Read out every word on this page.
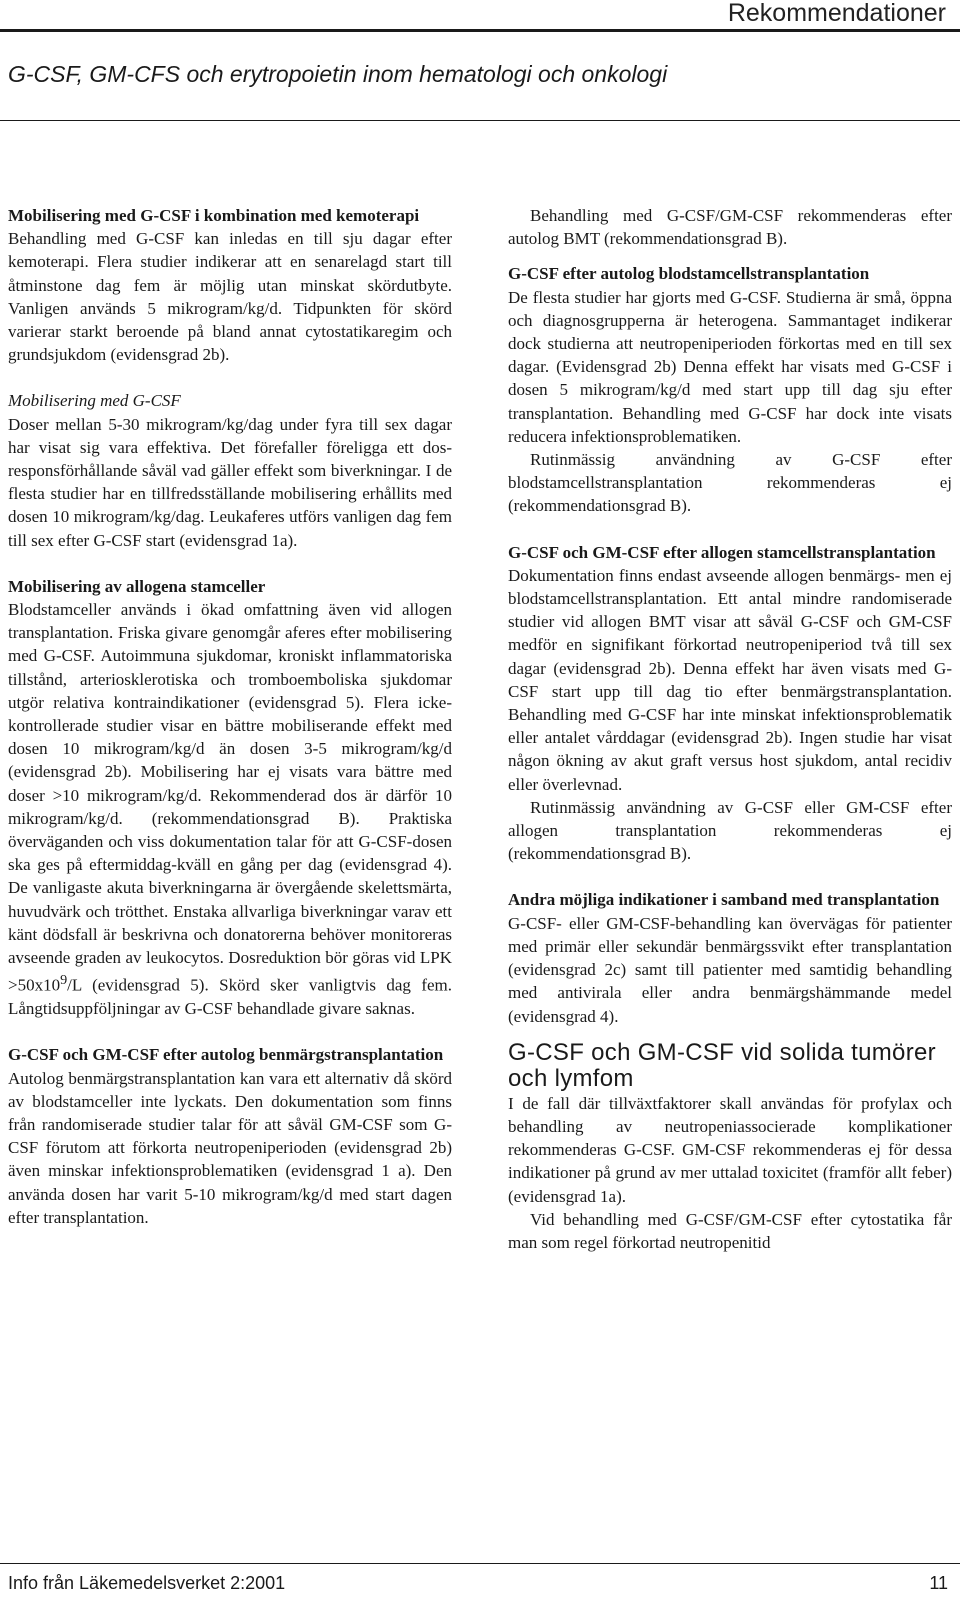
Rekommendationer
G-CSF, GM-CFS och erytropoietin inom hematologi och onkologi
Mobilisering med G-CSF i kombination med kemoterapi

Behandling med G-CSF kan inledas en till sju dagar efter kemoterapi. Flera studier indikerar att en senarelagd start till åtminstone dag fem är möjlig utan minskat skördutbyte. Vanligen används 5 mikrogram/kg/d. Tidpunkten för skörd varierar starkt beroende på bland annat cytostatikaregim och grundsjukdom (evidensgrad 2b).

Mobilisering med G-CSF

Doser mellan 5-30 mikrogram/kg/dag under fyra till sex dagar har visat sig vara effektiva. Det förefaller föreligga ett dos-responsförhållande såväl vad gäller effekt som biverkningar. I de flesta studier har en tillfredsställande mobilisering erhållits med dosen 10 mikrogram/kg/dag. Leukaferes utförs vanligen dag fem till sex efter G-CSF start (evidensgrad 1a).

Mobilisering av allogena stamceller

Blodstamceller används i ökad omfattning även vid allogen transplantation. Friska givare genomgår aferes efter mobilisering med G-CSF. Autoimmuna sjukdomar, kroniskt inflammatoriska tillstånd, arteriosklerotiska och tromboemboliska sjukdomar utgör relativa kontraindikationer (evidensgrad 5). Flera icke-kontrollerade studier visar en bättre mobiliserande effekt med dosen 10 mikrogram/kg/d än dosen 3-5 mikrogram/kg/d (evidensgrad 2b). Mobilisering har ej visats vara bättre med doser >10 mikrogram/kg/d. Rekommenderad dos är därför 10 mikrogram/kg/d. (rekommendationsgrad B). Praktiska överväganden och viss dokumentation talar för att G-CSF-dosen ska ges på eftermiddag-kväll en gång per dag (evidensgrad 4). De vanligaste akuta biverkningarna är övergående skelettsmärta, huvudvärk och trötthet. Enstaka allvarliga biverkningar varav ett känt dödsfall är beskrivna och donatorerna behöver monitoreras avseende graden av leukocytos. Dosreduktion bör göras vid LPK $>50x10^9/L$ (evidensgrad 5). Skörd sker vanligtvis dag fem. Långtidsuppföljningar av G-CSF behandlade givare saknas.

G-CSF och GM-CSF efter autolog benmärgstransplantation

Autolog benmärgstransplantation kan vara ett alternativ då skörd av blodstamceller inte lyckats. Den dokumentation som finns från randomiserade studier talar för att såväl GM-CSF som G-CSF förutom att förkorta neutropeniperioden (evidensgrad 2b) även minskar infektionsproblematiken (evidensgrad 1 a). Den använda dosen har varit 5-10 mikrogram/kg/d med start dagen efter transplantation.

Behandling med G-CSF/GM-CSF rekommenderas efter autolog BMT (rekommendationsgrad B).

G-CSF efter autolog blodstamcellstransplantation

De flesta studier har gjorts med G-CSF. Studierna är små, öppna och diagnosgrupperna är heterogena. Sammantaget indikerar dock studierna att neutropeniperioden förkortas med en till sex dagar. (Evidensgrad 2b) Denna effekt har visats med G-CSF i dosen 5 mikrogram/kg/d med start upp till dag sju efter transplantation. Behandling med G-CSF har dock inte visats reducera infektionsproblematiken.

Rutinmässig användning av G-CSF efter blodstamcellstransplantation rekommenderas ej (rekommendationsgrad B).

G-CSF och GM-CSF efter allogen stamcellstransplantation

Dokumentation finns endast avseende allogen benmärgs- men ej blodstamcellstransplantation. Ett antal mindre randomiserade studier vid allogen BMT visar att såväl G-CSF och GM-CSF medför en signifikant förkortad neutropeniperiod två till sex dagar (evidensgrad 2b). Denna effekt har även visats med G-CSF start upp till dag tio efter benmärgstransplantation. Behandling med G-CSF har inte minskat infektionsproblematik eller antalet vårddagar (evidensgrad 2b). Ingen studie har visat någon ökning av akut graft versus host sjukdom, antal recidiv eller överlevnad.

Rutinmässig användning av G-CSF eller GM-CSF efter allogen transplantation rekommenderas ej (rekommendationsgrad B).

Andra möjliga indikationer i samband med transplantation

G-CSF- eller GM-CSF-behandling kan övervägas för patienter med primär eller sekundär benmärgssvikt efter transplantation (evidensgrad 2c) samt till patienter med samtidig behandling med antivirala eller andra benmärgshämmande medel (evidensgrad 4).

G-CSF och GM-CSF vid solida tumörer och lymfom

I de fall där tillväxtfaktorer skall användas för profylax och behandling av neutropeniassocierade komplikationer rekommenderas G-CSF. GM-CSF rekommenderas ej för dessa indikationer på grund av mer uttalad toxicitet (framför allt feber) (evidensgrad 1a).

Vid behandling med G-CSF/GM-CSF efter cytostatika får man som regel förkortad neutropenitid

Info från Läkemedelsverket 2:2001	11
